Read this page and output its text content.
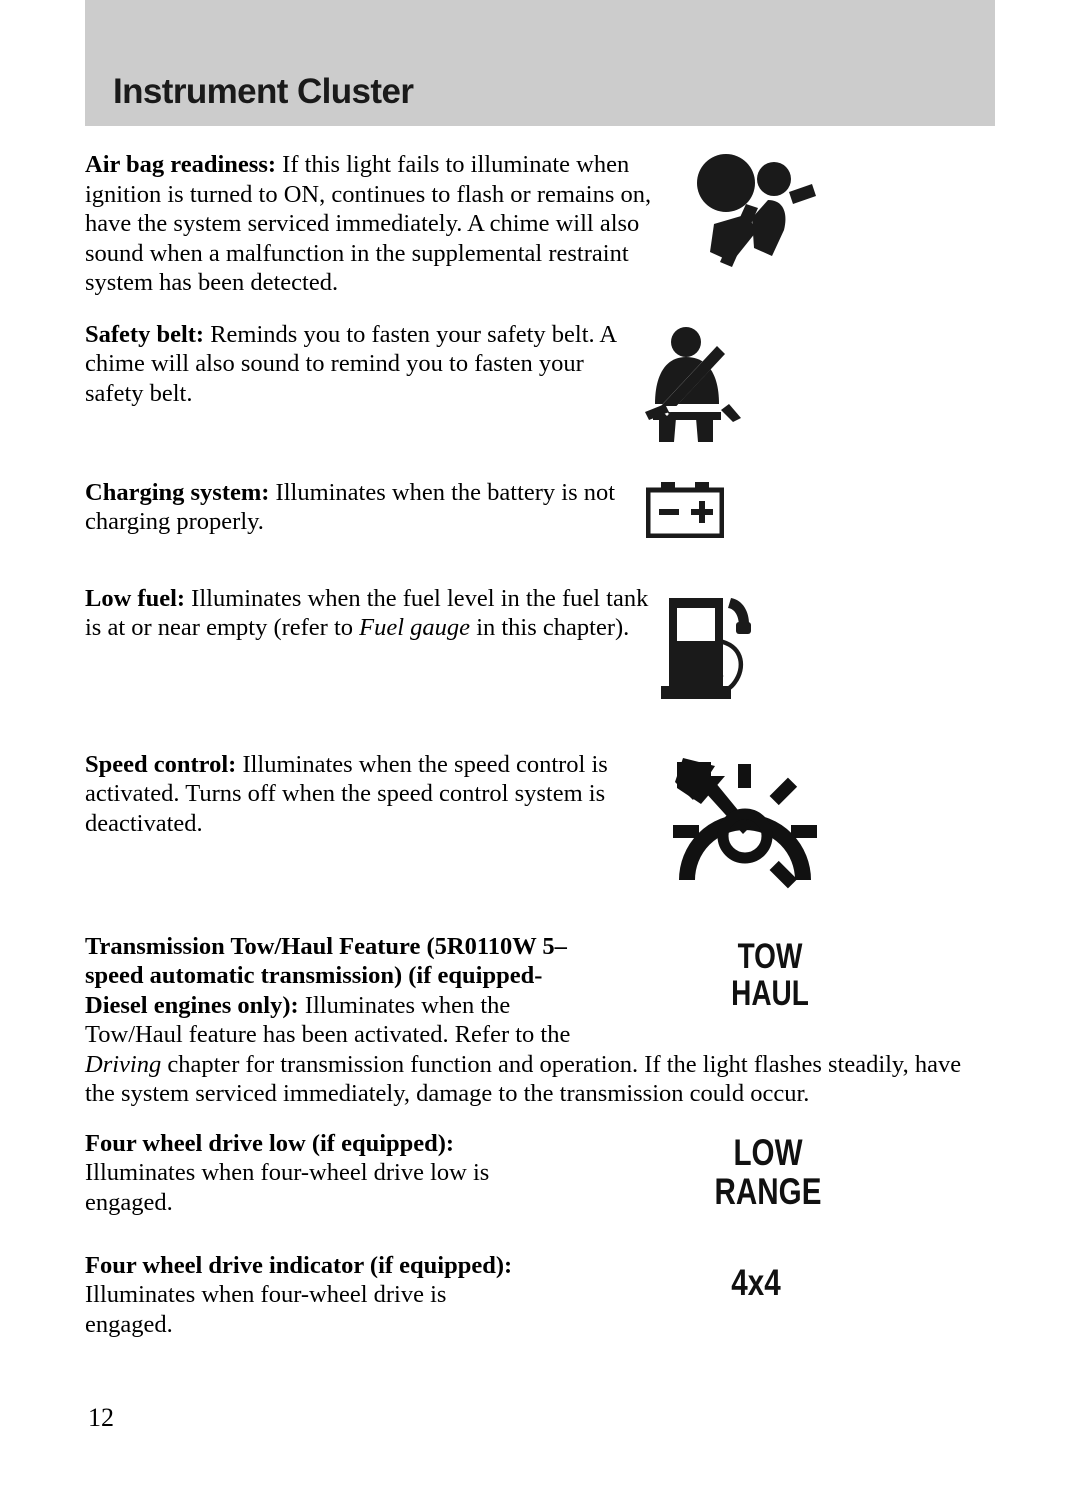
Instrument Cluster

Air bag readiness: If this light fails to illuminate when ignition is turned to ON, continues to flash or remains on, have the system serviced immediately. A chime will also sound when a malfunction in the supplemental restraint system has been detected.

Safety belt: Reminds you to fasten your safety belt. A chime will also sound to remind you to fasten your safety belt.

Charging system: Illuminates when the battery is not charging properly.

Low fuel: Illuminates when the fuel level in the fuel tank is at or near empty (refer to Fuel gauge in this chapter).

Speed control: Illuminates when the speed control is activated. Turns off when the speed control system is deactivated.

TOW
HAUL

Transmission Tow/Haul Feature (5R0110W 5–speed automatic transmission) (if equipped-Diesel engines only): Illuminates when the Tow/Haul feature has been activated. Refer to the Driving chapter for transmission function and operation. If the light flashes steadily, have the system serviced immediately, damage to the transmission could occur.

LOW
RANGE

Four wheel drive low (if equipped): Illuminates when four-wheel drive low is engaged.

4x4

Four wheel drive indicator (if equipped): Illuminates when four-wheel drive is engaged.

12
